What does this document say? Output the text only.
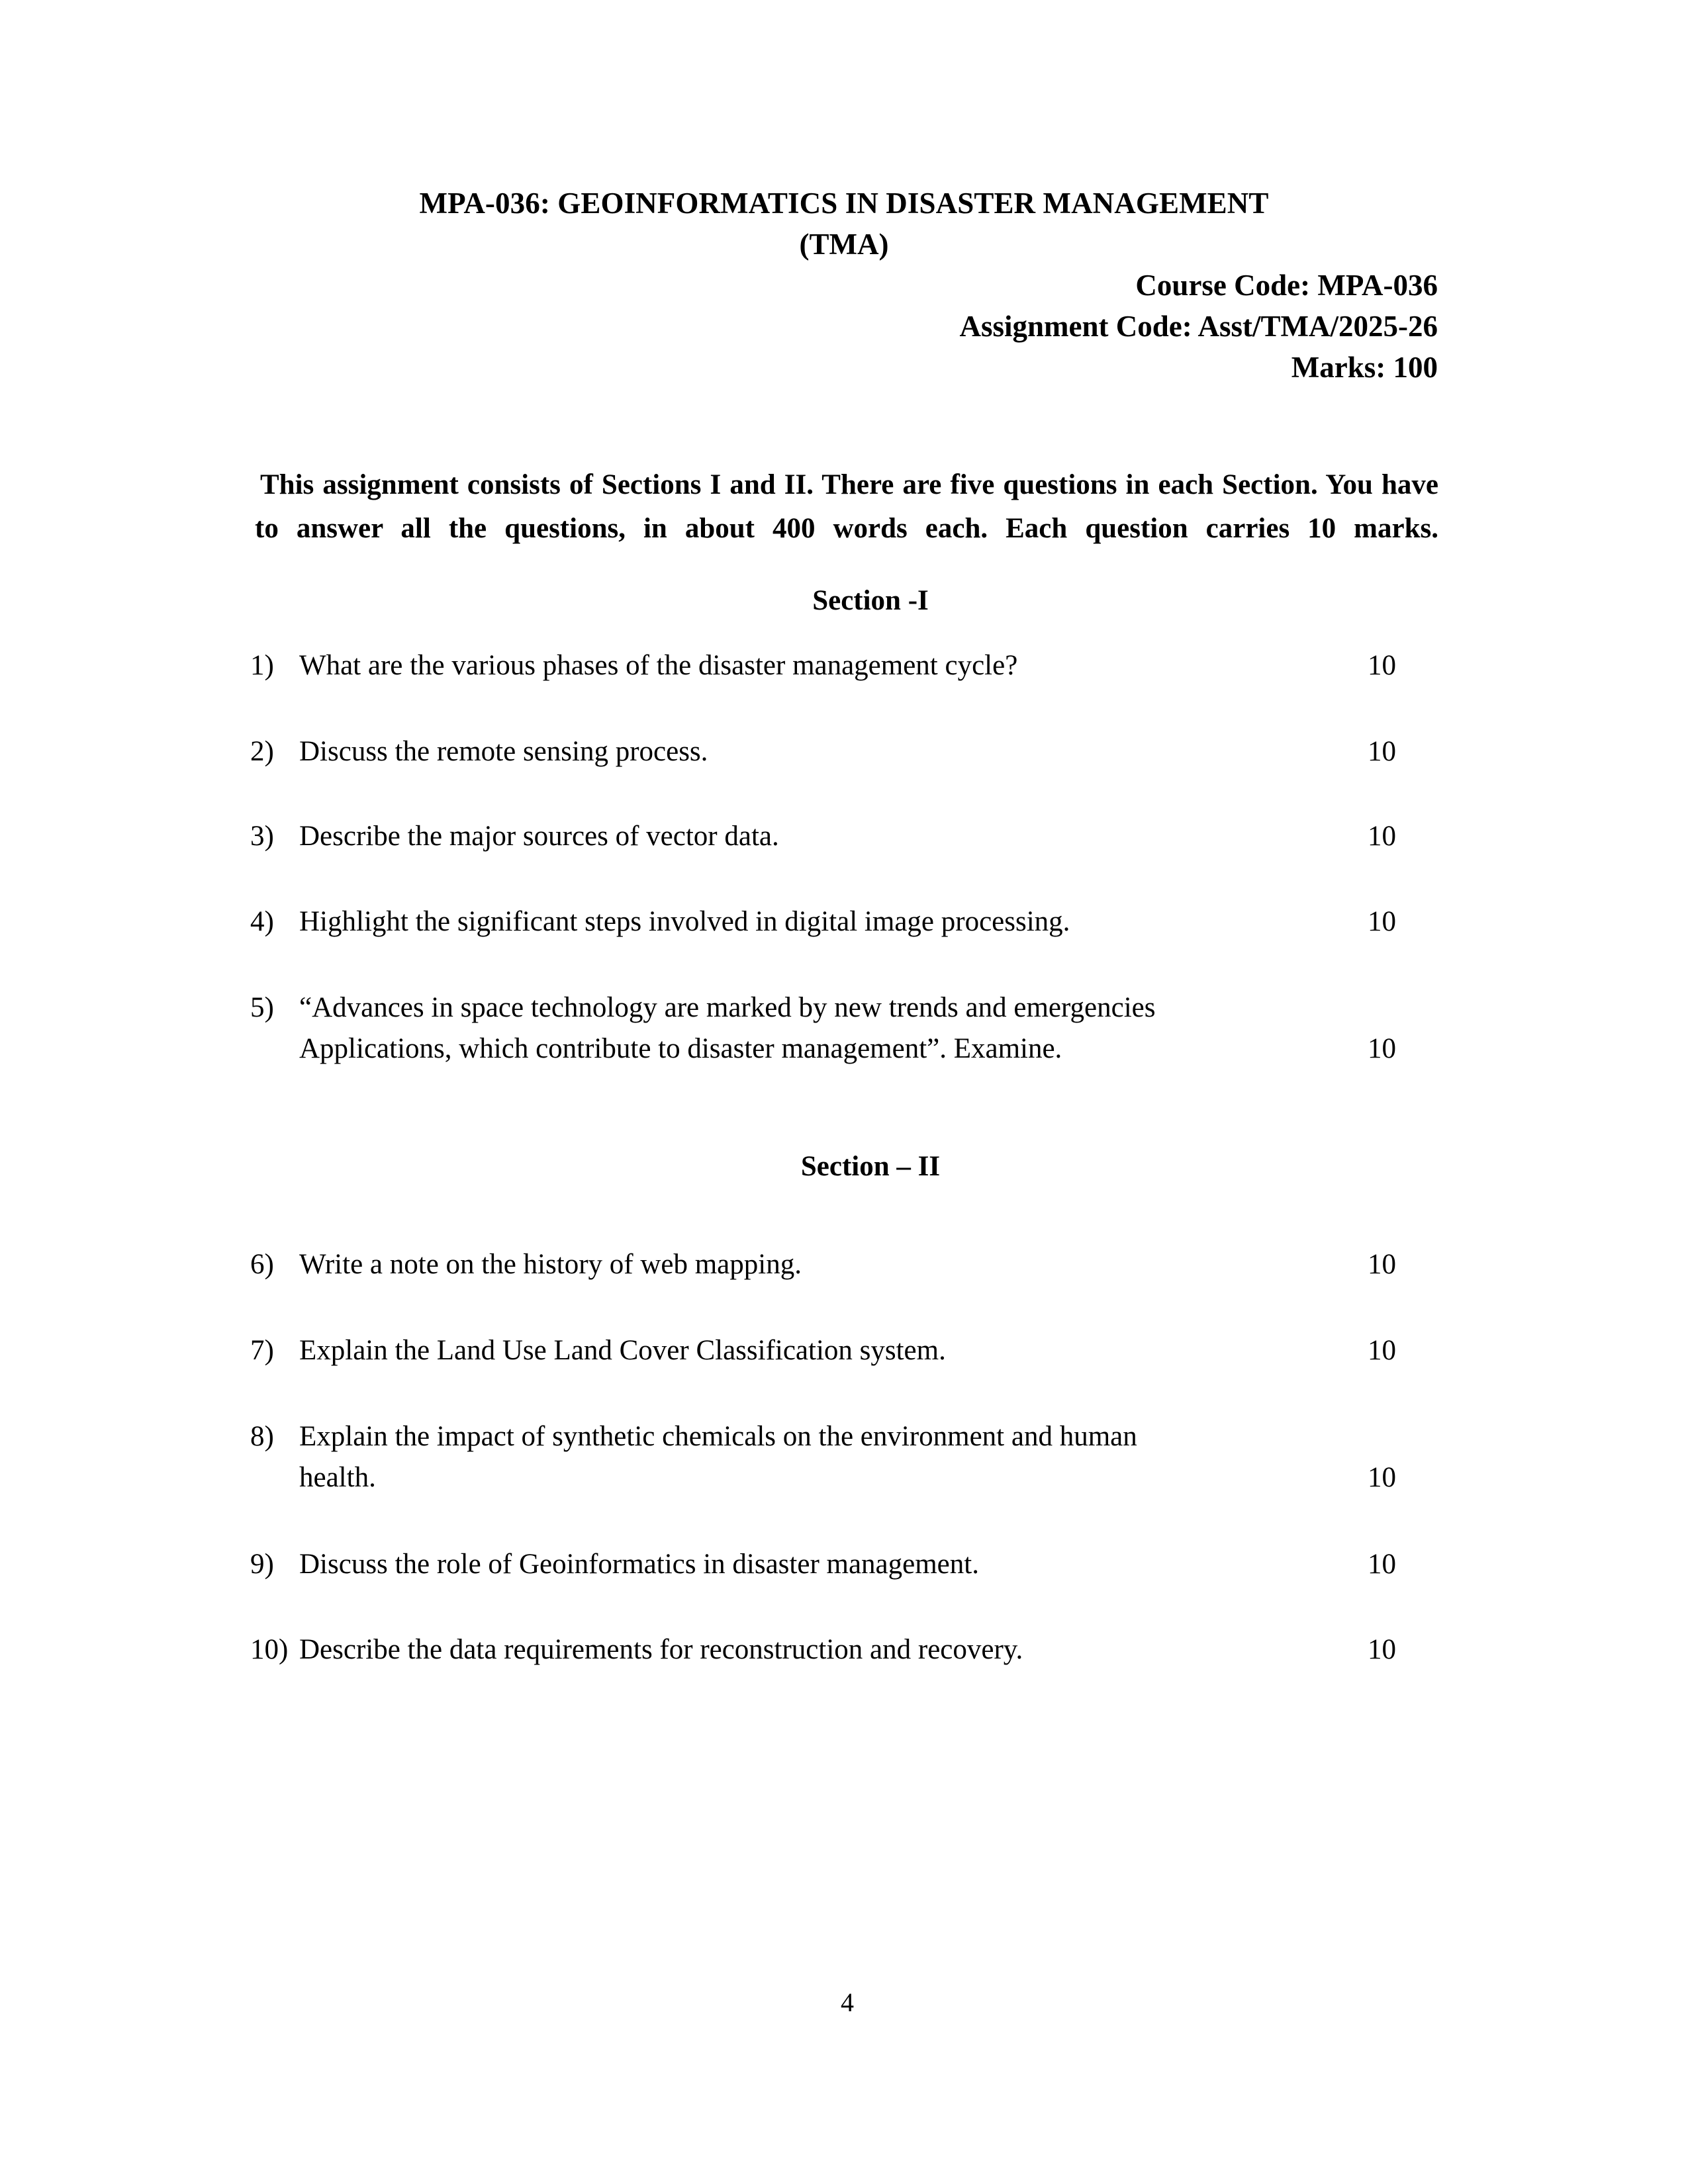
MPA-036: GEOINFORMATICS IN DISASTER MANAGEMENT
(TMA)
Course Code: MPA-036
Assignment Code: Asst/TMA/2025-26
Marks: 100
This assignment consists of Sections I and II. There are five questions in each Section. You have to answer all the questions, in about 400 words each. Each question carries 10 marks.
Section -I
1) What are the various phases of the disaster management cycle?	10
2) Discuss the remote sensing process.	10
3) Describe the major sources of vector data.	10
4) Highlight the significant steps involved in digital image processing.	10
5) “Advances in space technology are marked by new trends and emergencies
Applications, which contribute to disaster management”. Examine.	10
Section – II
6) Write a note on the history of web mapping.	10
7) Explain the Land Use Land Cover Classification system.	10
8) Explain the impact of synthetic chemicals on the environment and human
health.	10
9) Discuss the role of Geoinformatics in disaster management.	10
10) Describe the data requirements for reconstruction and recovery.	10
4
